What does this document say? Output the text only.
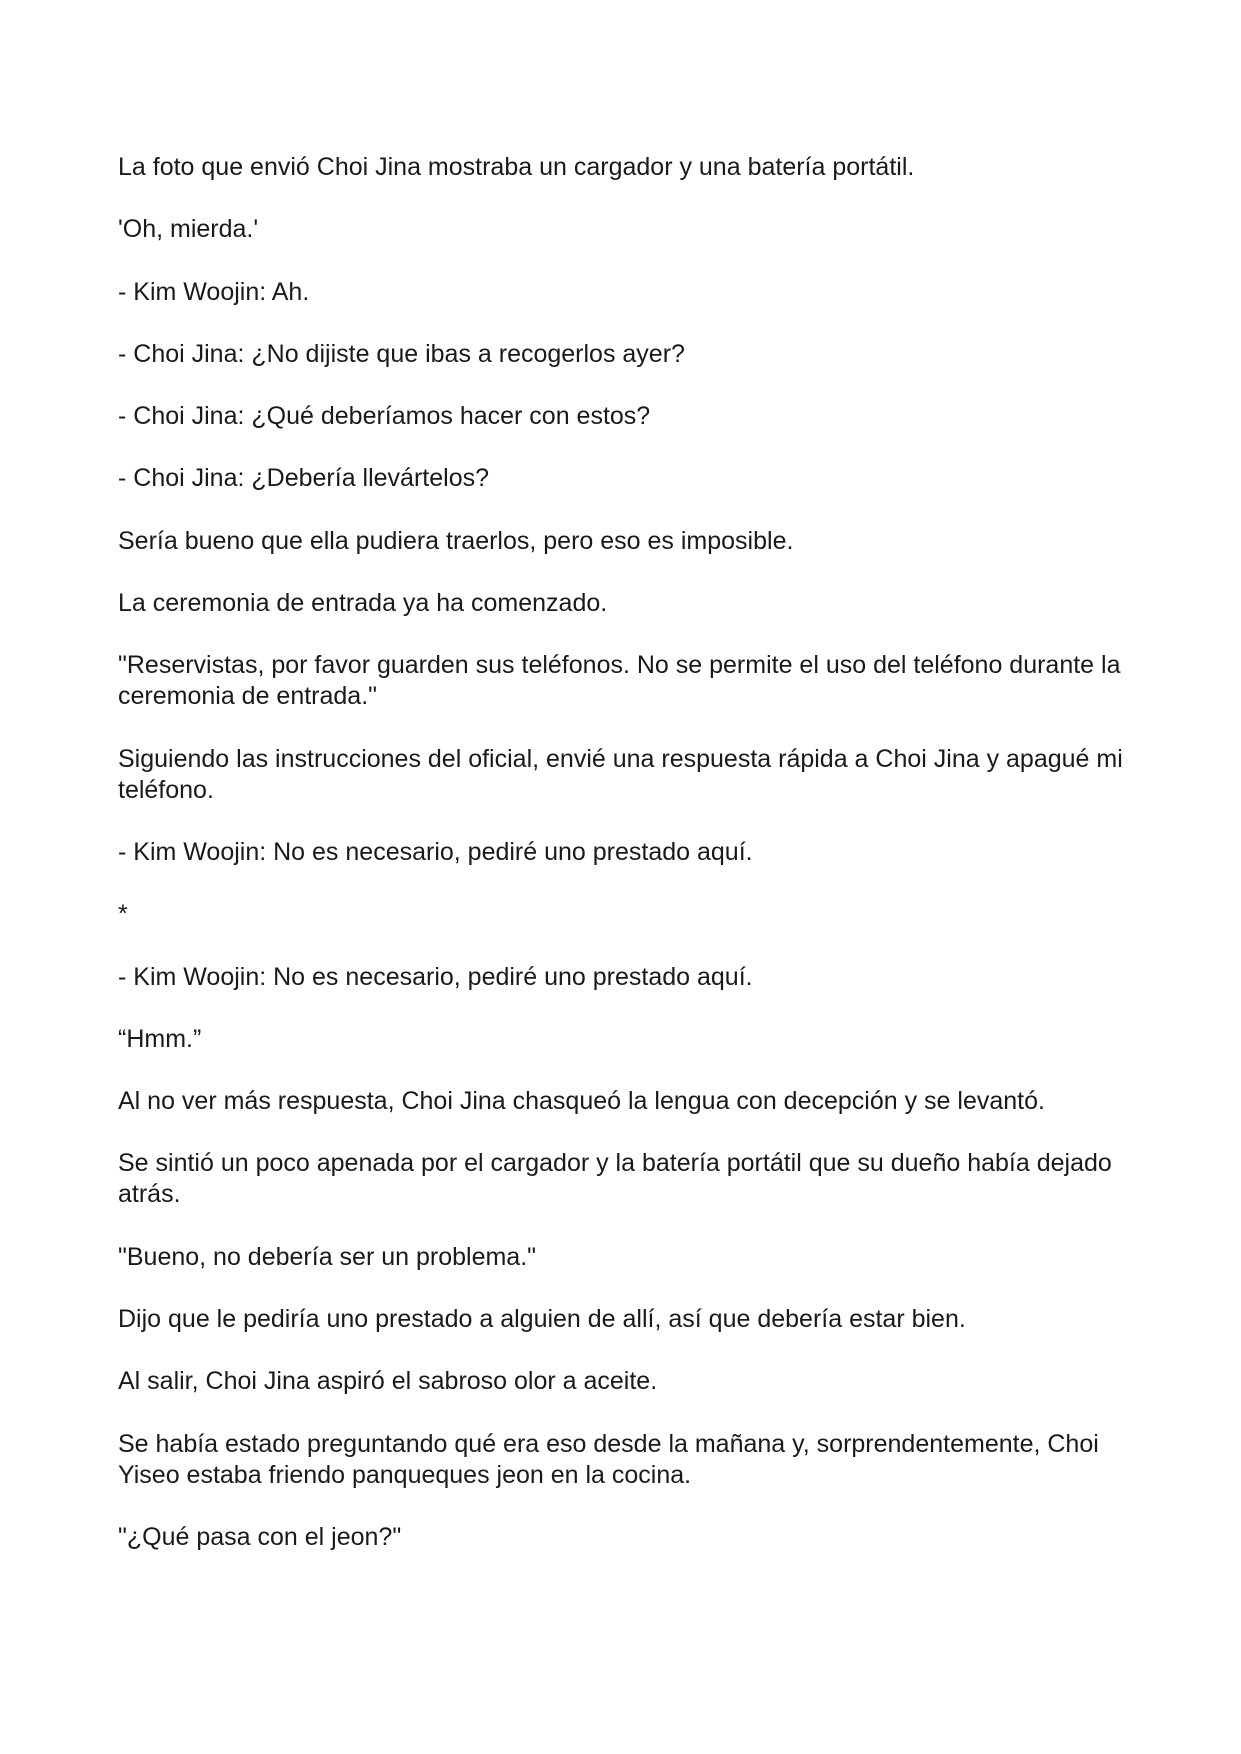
La foto que envió Choi Jina mostraba un cargador y una batería portátil.

'Oh, mierda.'

- Kim Woojin: Ah.

- Choi Jina: ¿No dijiste que ibas a recogerlos ayer?

- Choi Jina: ¿Qué deberíamos hacer con estos?

- Choi Jina: ¿Debería llevártelos?

Sería bueno que ella pudiera traerlos, pero eso es imposible.

La ceremonia de entrada ya ha comenzado.

"Reservistas, por favor guarden sus teléfonos. No se permite el uso del teléfono durante la ceremonia de entrada."

Siguiendo las instrucciones del oficial, envié una respuesta rápida a Choi Jina y apagué mi teléfono.

- Kim Woojin: No es necesario, pediré uno prestado aquí.

*

- Kim Woojin: No es necesario, pediré uno prestado aquí.

“Hmm.”

Al no ver más respuesta, Choi Jina chasqueó la lengua con decepción y se levantó.

Se sintió un poco apenada por el cargador y la batería portátil que su dueño había dejado atrás.

"Bueno, no debería ser un problema."

Dijo que le pediría uno prestado a alguien de allí, así que debería estar bien.

Al salir, Choi Jina aspiró el sabroso olor a aceite.

Se había estado preguntando qué era eso desde la mañana y, sorprendentemente, Choi Yiseo estaba friendo panqueques jeon en la cocina.

"¿Qué pasa con el jeon?"
